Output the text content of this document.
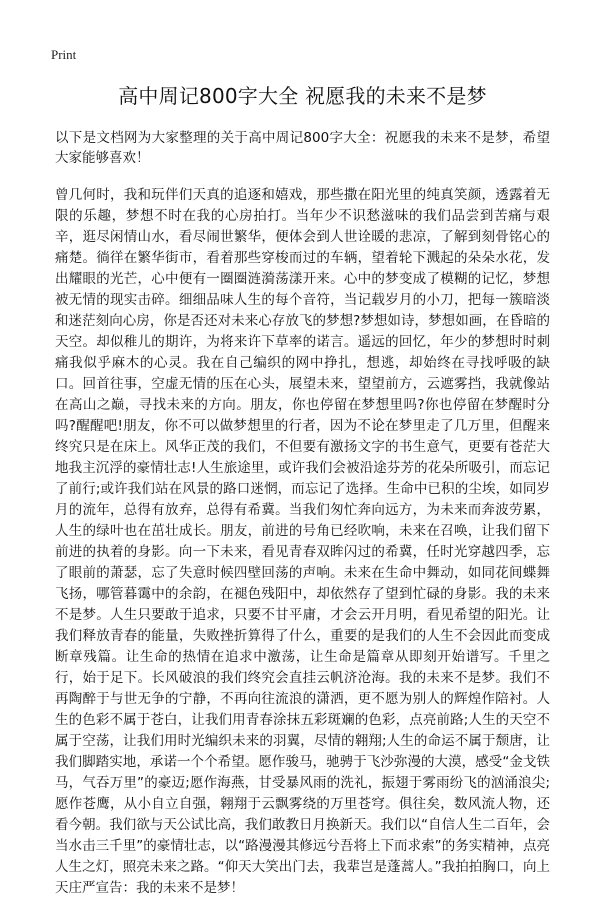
Print
高中周记800字大全 祝愿我的未来不是梦

以下是文档网为大家整理的关于高中周记800字大全：祝愿我的未来不是梦，希望大家能够喜欢！

曾几何时，我和玩伴们天真的追逐和嬉戏，那些撒在阳光里的纯真笑颜，透露着无限的乐趣，梦想不时在我的心房拍打。当年少不识愁滋味的我们品尝到苦痛与艰辛，逛尽闲情山水，看尽闹世繁华，便体会到人世诠暖的悲凉，了解到刻骨铭心的痛楚。徜徉在繁华街市，看着那些穿梭而过的车辆，望着轮下溅起的朵朵水花，发出耀眼的光芒，心中便有一圈圈涟漪荡漾开来。心中的梦变成了模糊的记忆，梦想被无情的现实击碎。细细品味人生的每个音符，当记载岁月的小刀，把每一簇暗淡和迷茫刻向心房，你是否还对未来心存放飞的梦想?梦想如诗，梦想如画，在昏暗的天空。却似稚儿的期许，为将来许下草率的诺言。遥远的回忆，年少的梦想时时刺痛我似乎麻木的心灵。我在自己编织的网中挣扎，想逃，却始终在寻找呼吸的缺口。回首往事，空虚无情的压在心头，展望未来，望望前方，云遮雾挡，我就像站在高山之巅，寻找未来的方向。朋友，你也停留在梦想里吗?你也停留在梦醒时分吗?醒醒吧!朋友，你不可以做梦想里的行者，因为不论在梦里走了几万里，但醒来终究只是在床上。风华正茂的我们，不但要有激扬文字的书生意气，更要有苍茫大地我主沉浮的豪情壮志!人生旅途里，或许我们会被沿途芬芳的花朵所吸引，而忘记了前行;或许我们站在风景的路口迷惘，而忘记了选择。生命中已积的尘埃，如同岁月的流年，总得有放弃，总得有希冀。当我们匆忙奔向远方，为未来而奔波劳累，人生的绿叶也在茁壮成长。朋友，前进的号角已经吹响，未来在召唤，让我们留下前进的执着的身影。向一下未来，看见青春双眸闪过的希冀，任时光穿越四季，忘了眼前的萧瑟，忘了失意时候四壁回荡的声响。未来在生命中舞动，如同花间蝶舞飞扬，哪管暮霭中的余韵，在褪色残阳中，却依然存了望到忙碌的身影。我的未来不是梦。人生只要敢于追求，只要不甘平庸，才会云开月明，看见希望的阳光。让我们释放青春的能量，失败挫折算得了什么，重要的是我们的人生不会因此而变成断章残篇。让生命的热情在追求中激荡，让生命是篇章从即刻开始谱写。千里之行，始于足下。长风破浪的我们终究会直挂云帆济沧海。我的未来不是梦。我们不再陶醉于与世无争的宁静，不再向往流浪的潇洒，更不愿为别人的辉煌作陪衬。人生的色彩不属于苍白，让我们用青春涂抹五彩斑斓的色彩，点亮前路;人生的天空不属于空荡，让我们用时光编织未来的羽翼，尽情的翱翔;人生的命运不属于颓唐，让我们脚踏实地，承诺一个个希望。愿作骏马，驰骋于飞沙弥漫的大漠，感受“金戈铁马，气吞万里”的豪迈;愿作海燕，甘受暴风雨的洗礼，振翅于雾雨纷飞的汹涌浪尖;愿作苍鹰，从小自立自强，翱翔于云飘雾绕的万里苍穹。俱往矣，数风流人物，还看今朝。我们欲与天公试比高，我们敢教日月换新天。我们以“自信人生二百年，会当水击三千里”的豪情壮志，以“路漫漫其修远兮吾将上下而求索”的务实精神，点亮人生之灯，照亮未来之路。“仰天大笑出门去，我辈岂是蓬蒿人。”我拍拍胸口，向上天庄严宣告：我的未来不是梦！
